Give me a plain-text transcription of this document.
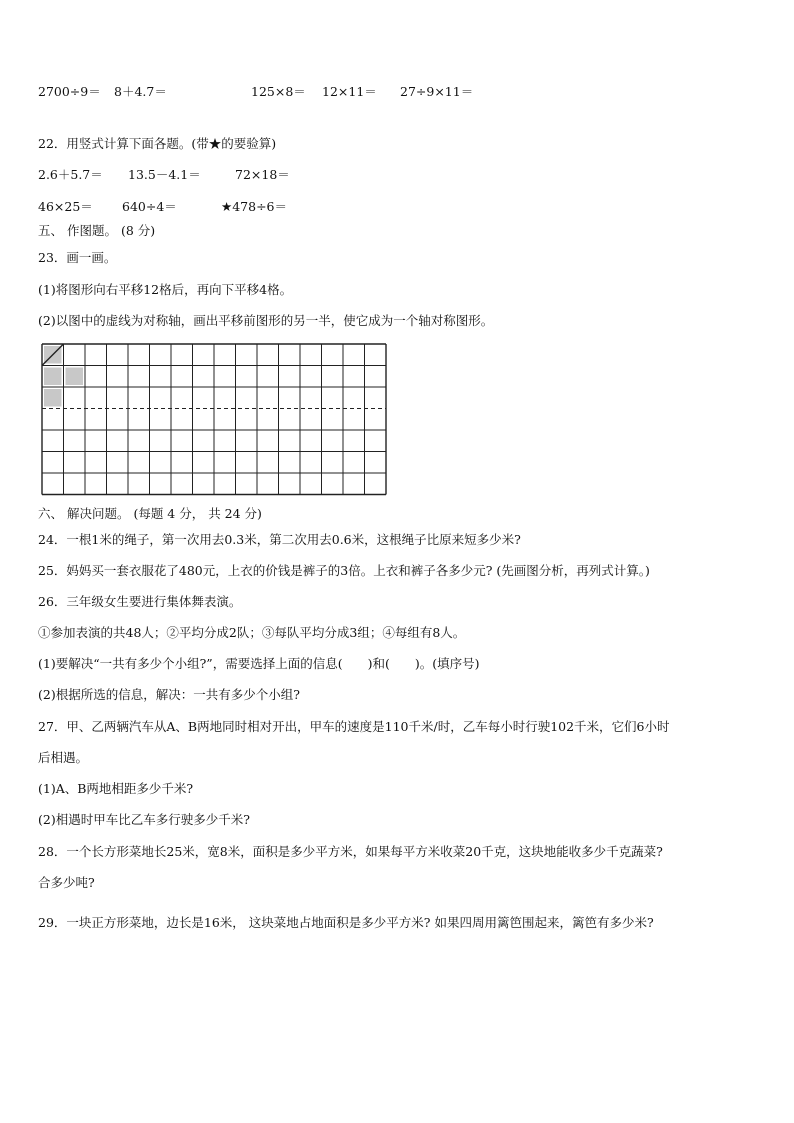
2700÷9＝ 8＋4.7＝	125×8＝ 12×11＝ 27÷9×11＝
22．用竖式计算下面各题。(带★的要验算)
2.6＋5.7＝ 13.5－4.1＝	72×18＝
46×25＝ 640÷4＝	★478÷6＝
五、 作图题。 (8 分)
23．画一画。
(1)将图形向右平移12格后，再向下平移4格。
(2)以图中的虚线为对称轴，画出平移前图形的另一半，使它成为一个轴对称图形。
六、 解决问题。 (每题 4 分， 共 24 分)
24．一根1米的绳子，第一次用去0.3米，第二次用去0.6米，这根绳子比原来短多少米?
25．妈妈买一套衣服花了480元，上衣的价钱是裤子的3倍。上衣和裤子各多少元? (先画图分析，再列式计算。)
26．三年级女生要进行集体舞表演。
①参加表演的共48人；②平均分成2队；③每队平均分成3组；④每组有8人。
(1)要解决“一共有多少个小组?”，需要选择上面的信息(　　)和(　　)。(填序号)
(2)根据所选的信息，解决：一共有多少个小组?
27．甲、乙两辆汽车从A、B两地同时相对开出，甲车的速度是110千米/时，乙车每小时行驶102千米，它们6小时
后相遇。
(1)A、B两地相距多少千米?
(2)相遇时甲车比乙车多行驶多少千米?
28．一个长方形菜地长25米，宽8米，面积是多少平方米，如果每平方米收菜20千克，这块地能收多少千克蔬菜?
合多少吨?
29．一块正方形菜地，边长是16米， 这块菜地占地面积是多少平方米? 如果四周用篱笆围起来，篱笆有多少米?
